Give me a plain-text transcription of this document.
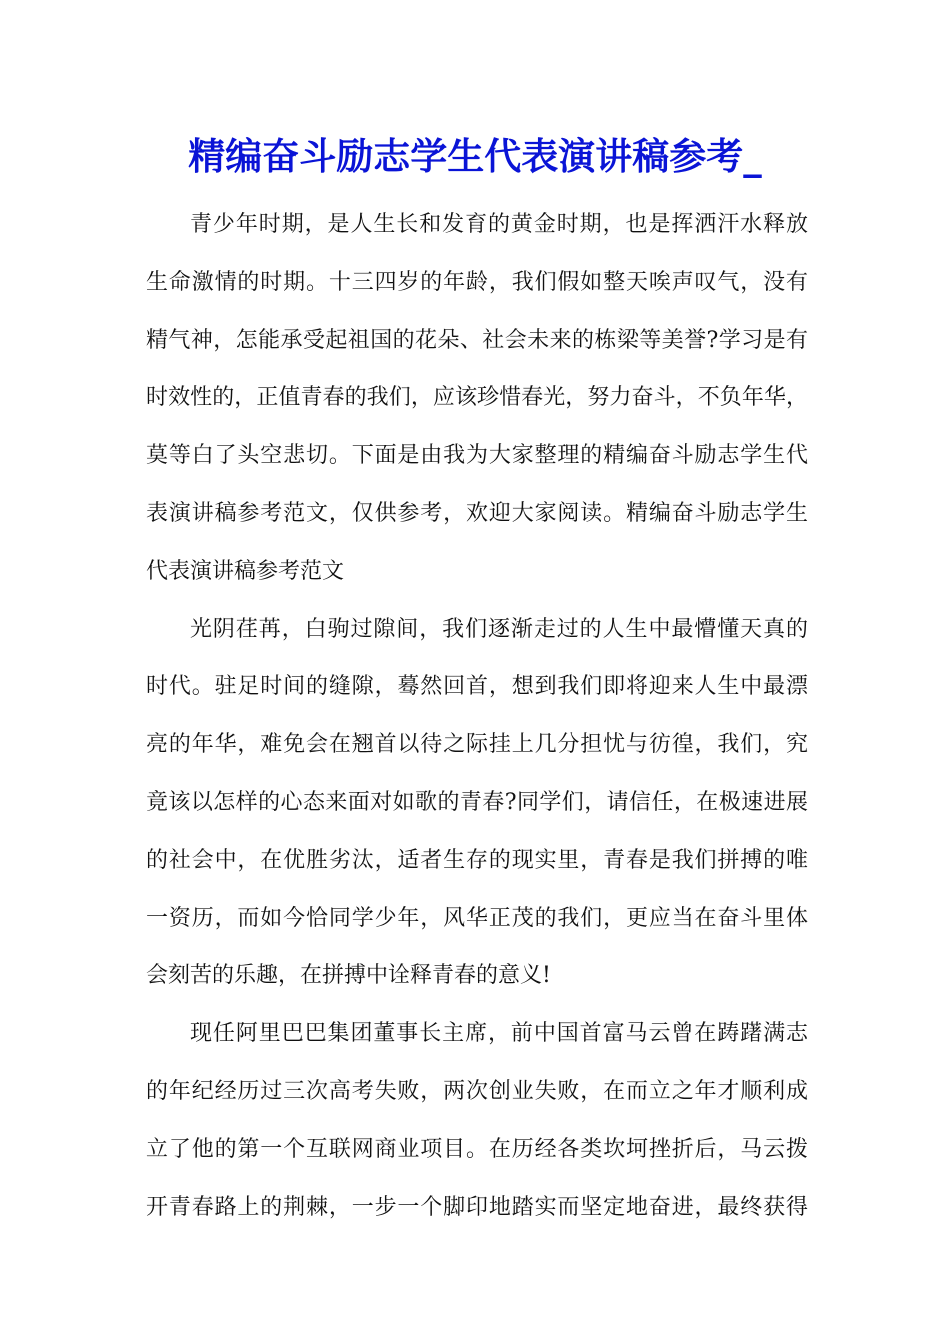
精编奋斗励志学生代表演讲稿参考_
青少年时期，是人生长和发育的黄金时期，也是挥洒汗水释放
生命激情的时期。十三四岁的年龄，我们假如整天唉声叹气，没有
精气神，怎能承受起祖国的花朵、社会未来的栋梁等美誉?学习是有
时效性的，正值青春的我们，应该珍惜春光，努力奋斗，不负年华，
莫等白了头空悲切。下面是由我为大家整理的精编奋斗励志学生代
表演讲稿参考范文，仅供参考，欢迎大家阅读。精编奋斗励志学生
代表演讲稿参考范文
光阴荏苒，白驹过隙间，我们逐渐走过的人生中最懵懂天真的
时代。驻足时间的缝隙，蓦然回首，想到我们即将迎来人生中最漂
亮的年华，难免会在翘首以待之际挂上几分担忧与彷徨，我们，究
竟该以怎样的心态来面对如歌的青春?同学们，请信任，在极速进展
的社会中，在优胜劣汰，适者生存的现实里，青春是我们拼搏的唯
一资历，而如今恰同学少年，风华正茂的我们，更应当在奋斗里体
会刻苦的乐趣，在拼搏中诠释青春的意义!
现任阿里巴巴集团董事长主席，前中国首富马云曾在踌躇满志
的年纪经历过三次高考失败，两次创业失败，在而立之年才顺利成
立了他的第一个互联网商业项目。在历经各类坎坷挫折后，马云拨
开青春路上的荆棘，一步一个脚印地踏实而坚定地奋进，最终获得
